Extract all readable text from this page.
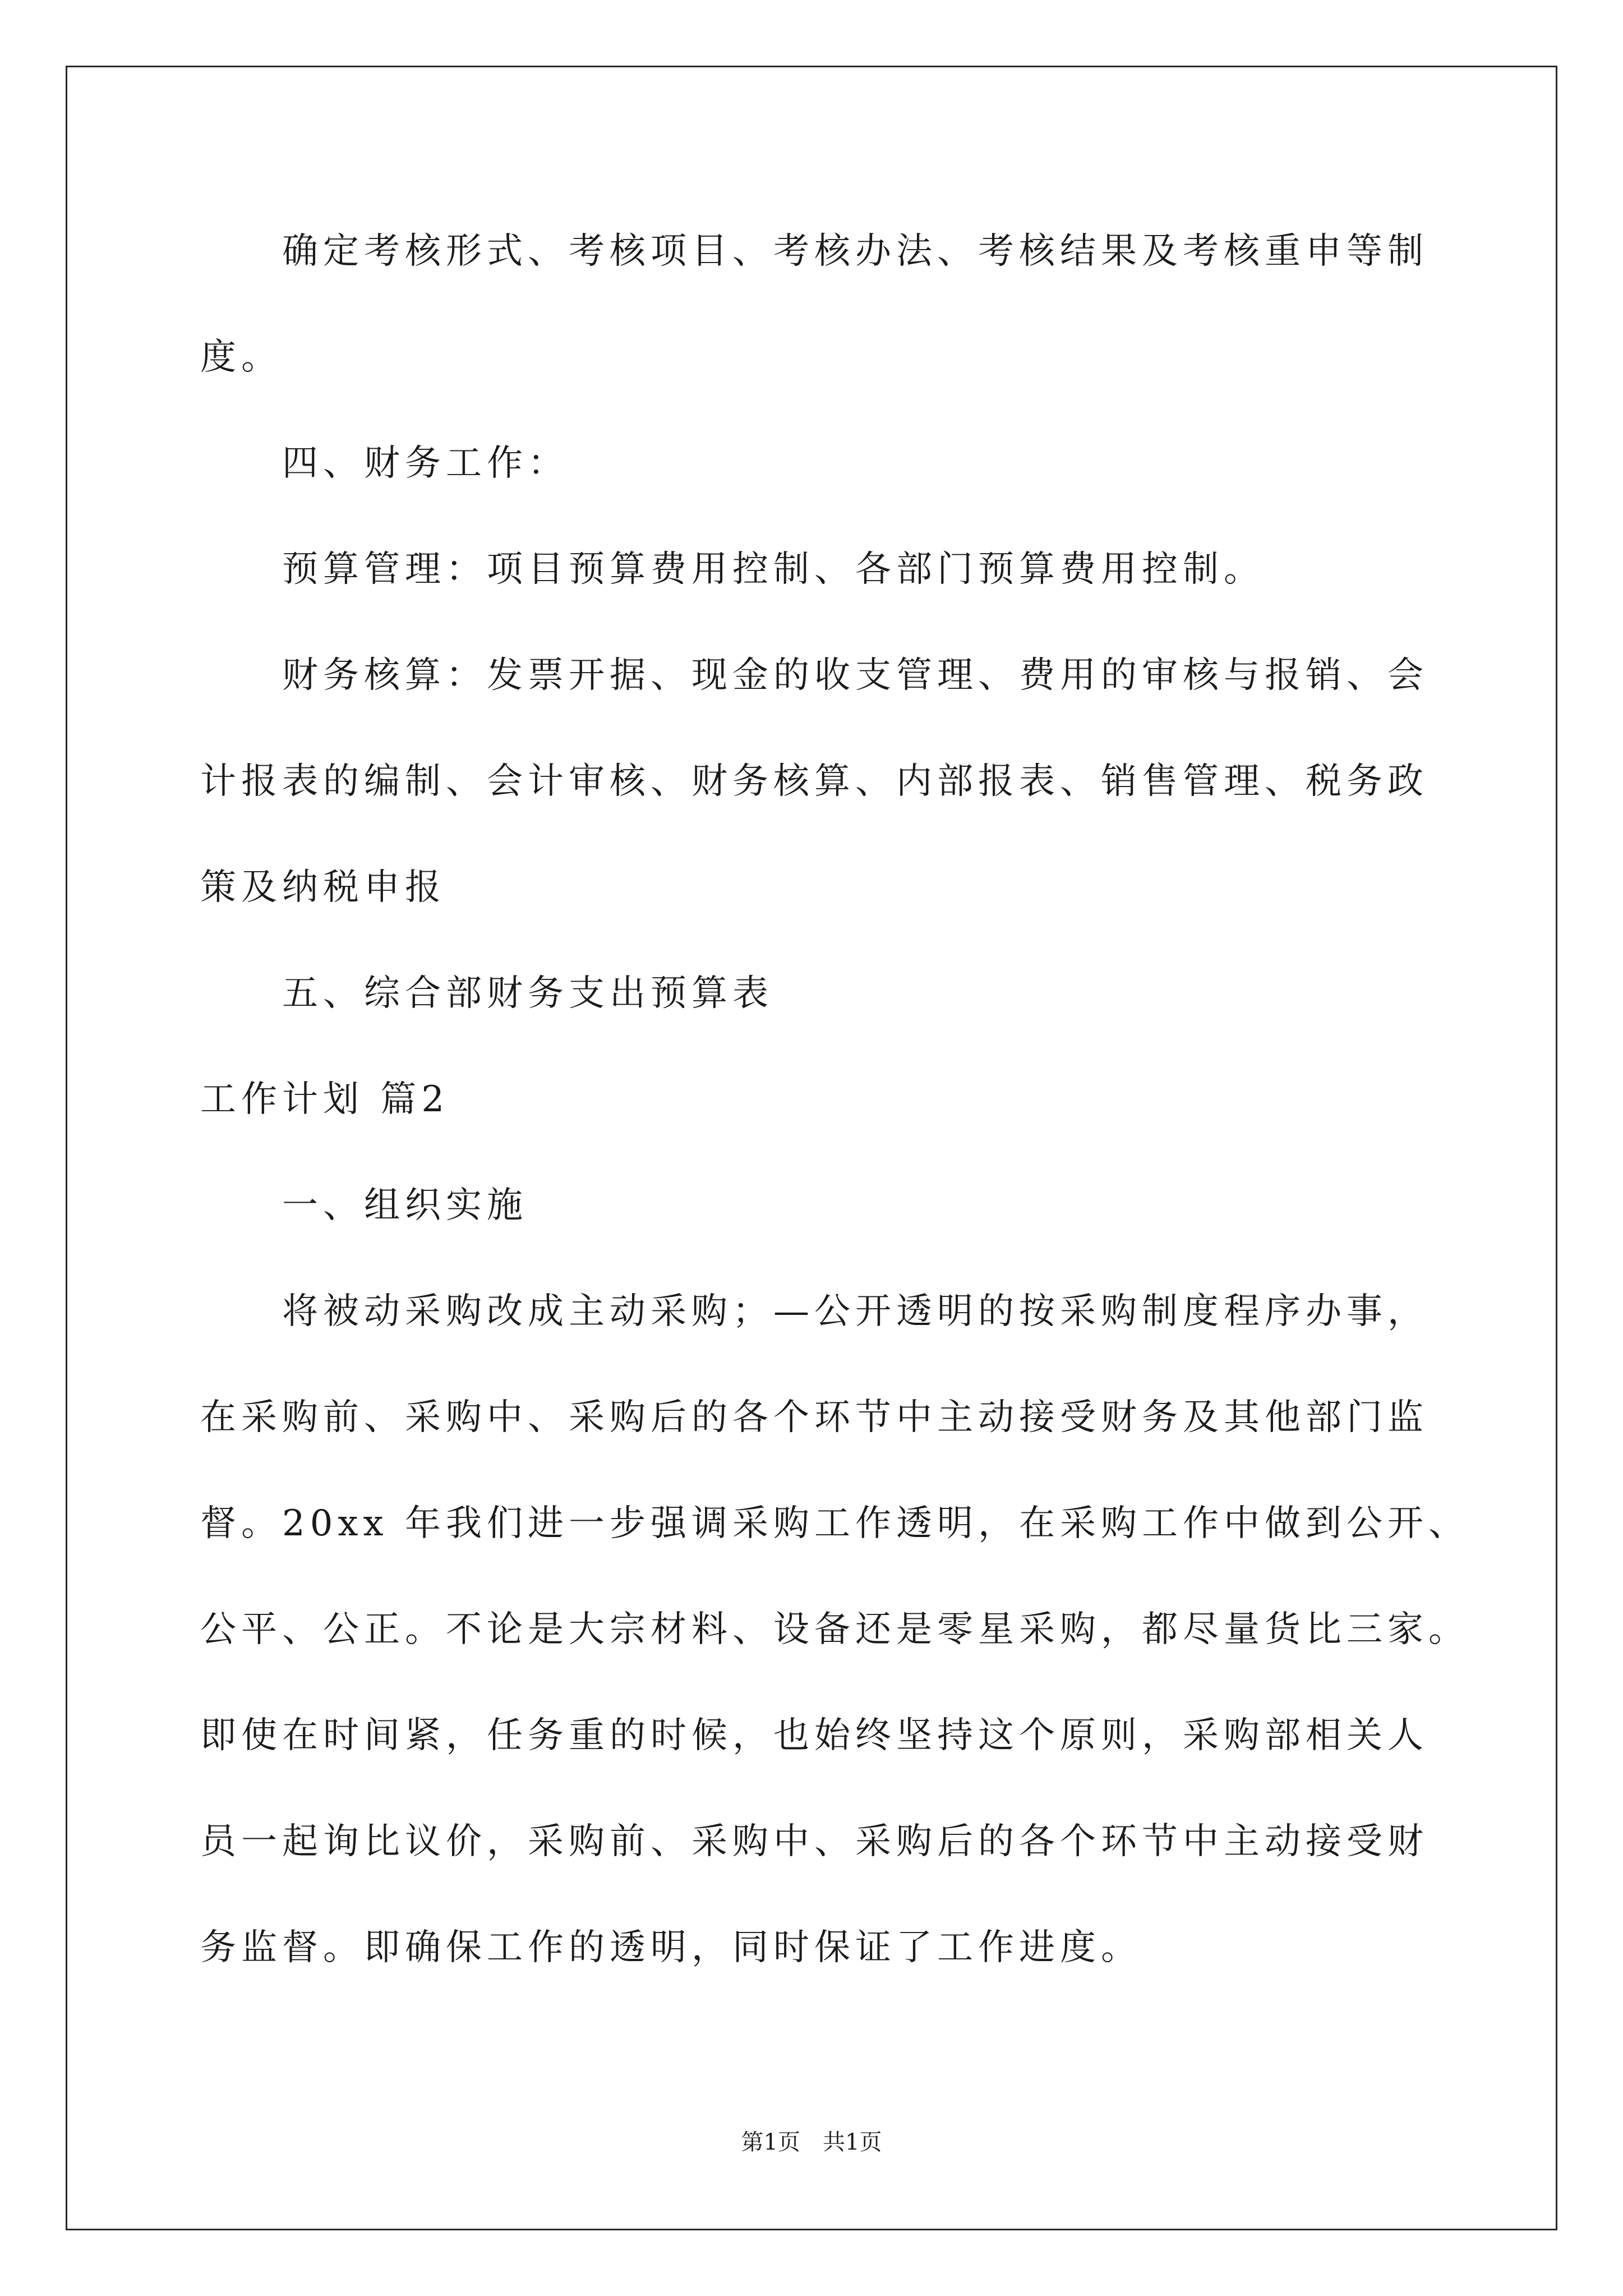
确定考核形式、考核项目、考核办法、考核结果及考核重申等制
度。
四、财务工作：
预算管理：项目预算费用控制、各部门预算费用控制。
财务核算：发票开据、现金的收支管理、费用的审核与报销、会
计报表的编制、会计审核、财务核算、内部报表、销售管理、税务政
策及纳税申报
五、综合部财务支出预算表
工作计划 篇2
一、组织实施
将被动采购改成主动采购；—公开透明的按采购制度程序办事，
在采购前、采购中、采购后的各个环节中主动接受财务及其他部门监
督。20xx 年我们进一步强调采购工作透明，在采购工作中做到公开、
公平、公正。不论是大宗材料、设备还是零星采购，都尽量货比三家。
即使在时间紧，任务重的时候，也始终坚持这个原则，采购部相关人
员一起询比议价，采购前、采购中、采购后的各个环节中主动接受财
务监督。即确保工作的透明，同时保证了工作进度。
第1页　共1页
